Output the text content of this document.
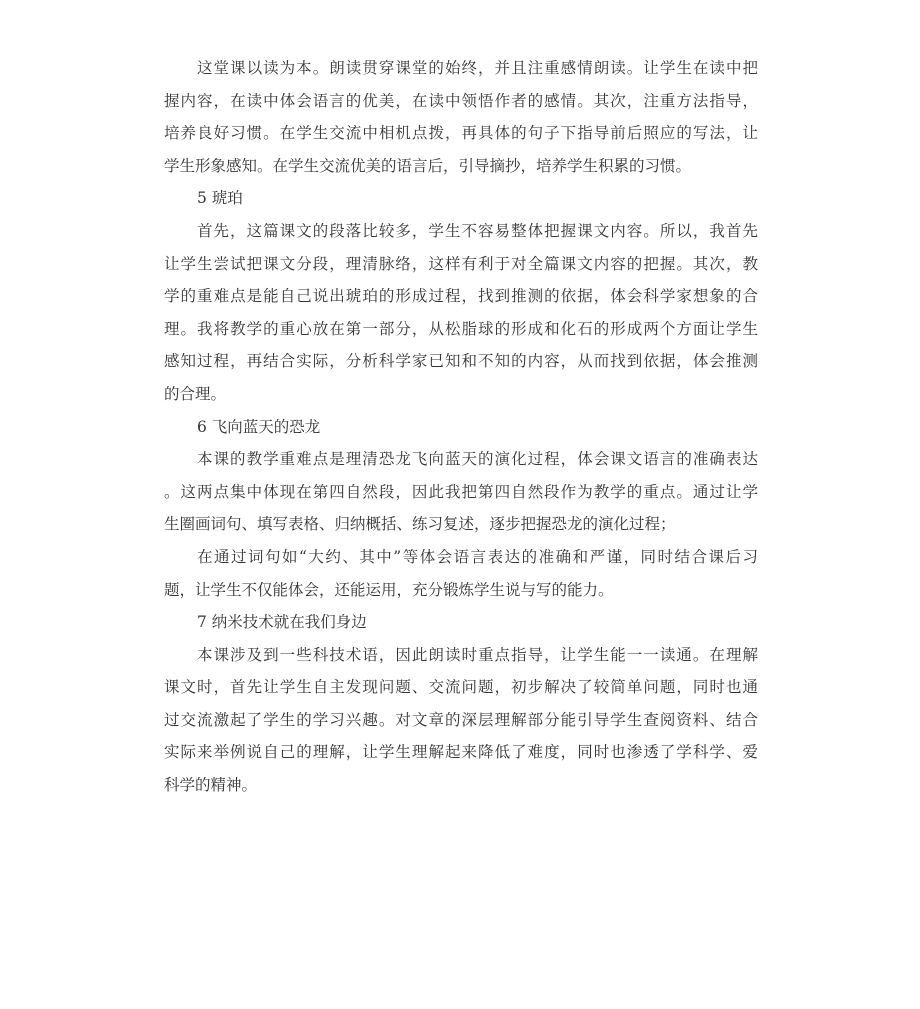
这堂课以读为本。朗读贯穿课堂的始终，并且注重感情朗读。让学生在读中把
握内容，在读中体会语言的优美，在读中领悟作者的感情。其次，注重方法指导，
培养良好习惯。在学生交流中相机点拨，再具体的句子下指导前后照应的写法，让
学生形象感知。在学生交流优美的语言后，引导摘抄，培养学生积累的习惯。
5 琥珀
首先，这篇课文的段落比较多，学生不容易整体把握课文内容。所以，我首先
让学生尝试把课文分段，理清脉络，这样有利于对全篇课文内容的把握。其次，教
学的重难点是能自己说出琥珀的形成过程，找到推测的依据，体会科学家想象的合
理。我将教学的重心放在第一部分，从松脂球的形成和化石的形成两个方面让学生
感知过程，再结合实际，分析科学家已知和不知的内容，从而找到依据，体会推测
的合理。
6 飞向蓝天的恐龙
本课的教学重难点是理清恐龙飞向蓝天的演化过程，体会课文语言的准确表达
。这两点集中体现在第四自然段，因此我把第四自然段作为教学的重点。通过让学
生圈画词句、填写表格、归纳概括、练习复述，逐步把握恐龙的演化过程；
在通过词句如“大约、其中”等体会语言表达的准确和严谨，同时结合课后习
题，让学生不仅能体会，还能运用，充分锻炼学生说与写的能力。
7 纳米技术就在我们身边
本课涉及到一些科技术语，因此朗读时重点指导，让学生能一一读通。在理解
课文时，首先让学生自主发现问题、交流问题，初步解决了较简单问题，同时也通
过交流激起了学生的学习兴趣。对文章的深层理解部分能引导学生查阅资料、结合
实际来举例说自己的理解，让学生理解起来降低了难度，同时也渗透了学科学、爱
科学的精神。
